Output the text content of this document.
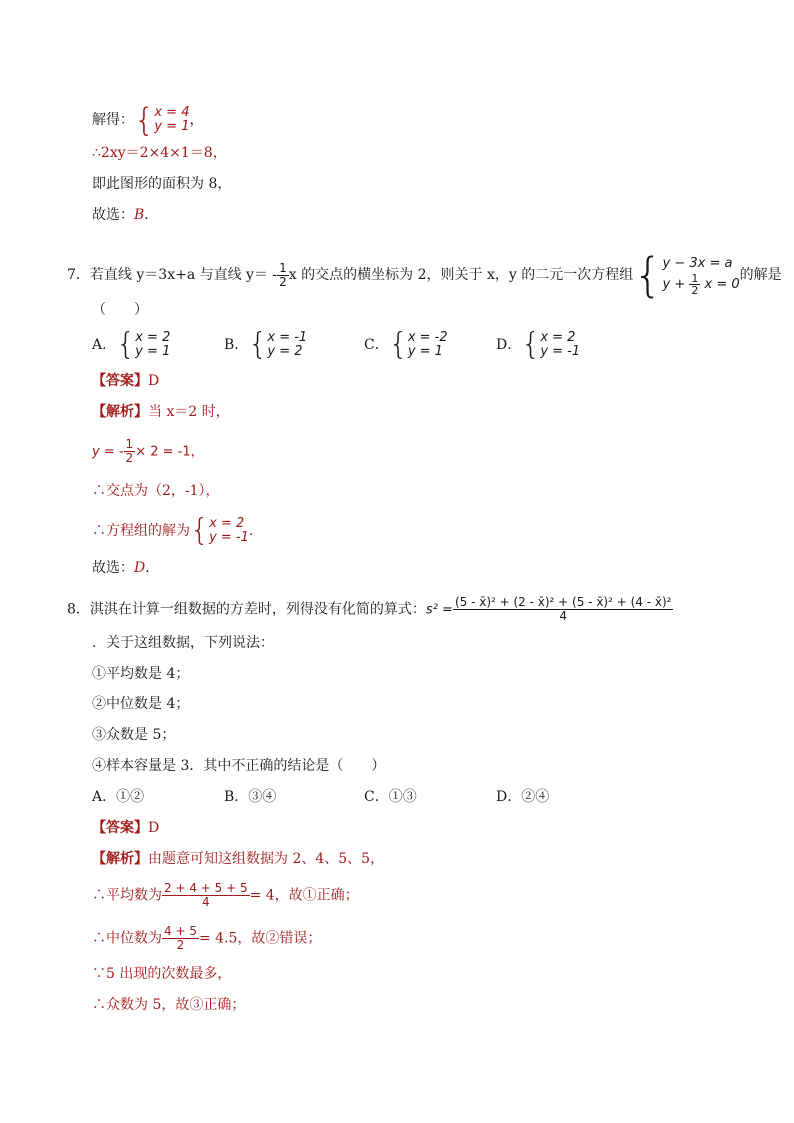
解得： { x = 4
y = 1 ，
∴2xy＝2×4×1＝8，
即此图形的面积为 8，
故选：B．
7．若直线 y＝3x+a 与直线 $y= - \frac{1}{2}$ x 的交点的横坐标为 2，则关于 x，y 的二元一次方程组 { y − 3x = a
$y + \frac{1}{2}$ x = 0
的解是
（　　）
A． { x = 2
y = 1	B． { x = -1
y = 2	C． { x = -2
y = 1	D． { x = 2
y = -1
【答案】D
【解析】当 x＝2 时，
y = - $\frac{1}{2} \times 2 = -1$，
∴交点为（2，-1），
∴方程组的解为 { x = 2
y = -1 ．
故选：D．
8．淇淇在计算一组数据的方差时，列得没有化简的算式：$s^2 = \frac{\text{(5 - x̄)² + (2 - x̄)² + (5 - x̄)² + (4 - x̄)²}}{4}$
．关于这组数据，下列说法：
①平均数是 4；
②中位数是 4；
③众数是 5；
④样本容量是 3．其中不正确的结论是（　　）
A．①②	B．③④	C．①③	D．②④
【答案】D
【解析】由题意可知这组数据为 2、4、5、5，
∴平均数为 $\frac{2 + 4 + 5 + 5}{4} = 4$，故①正确；
∴中位数为 $\frac{4 + 5}{2} = 4.5$，故②错误；
∵5 出现的次数最多，
∴众数为 5，故③正确；
